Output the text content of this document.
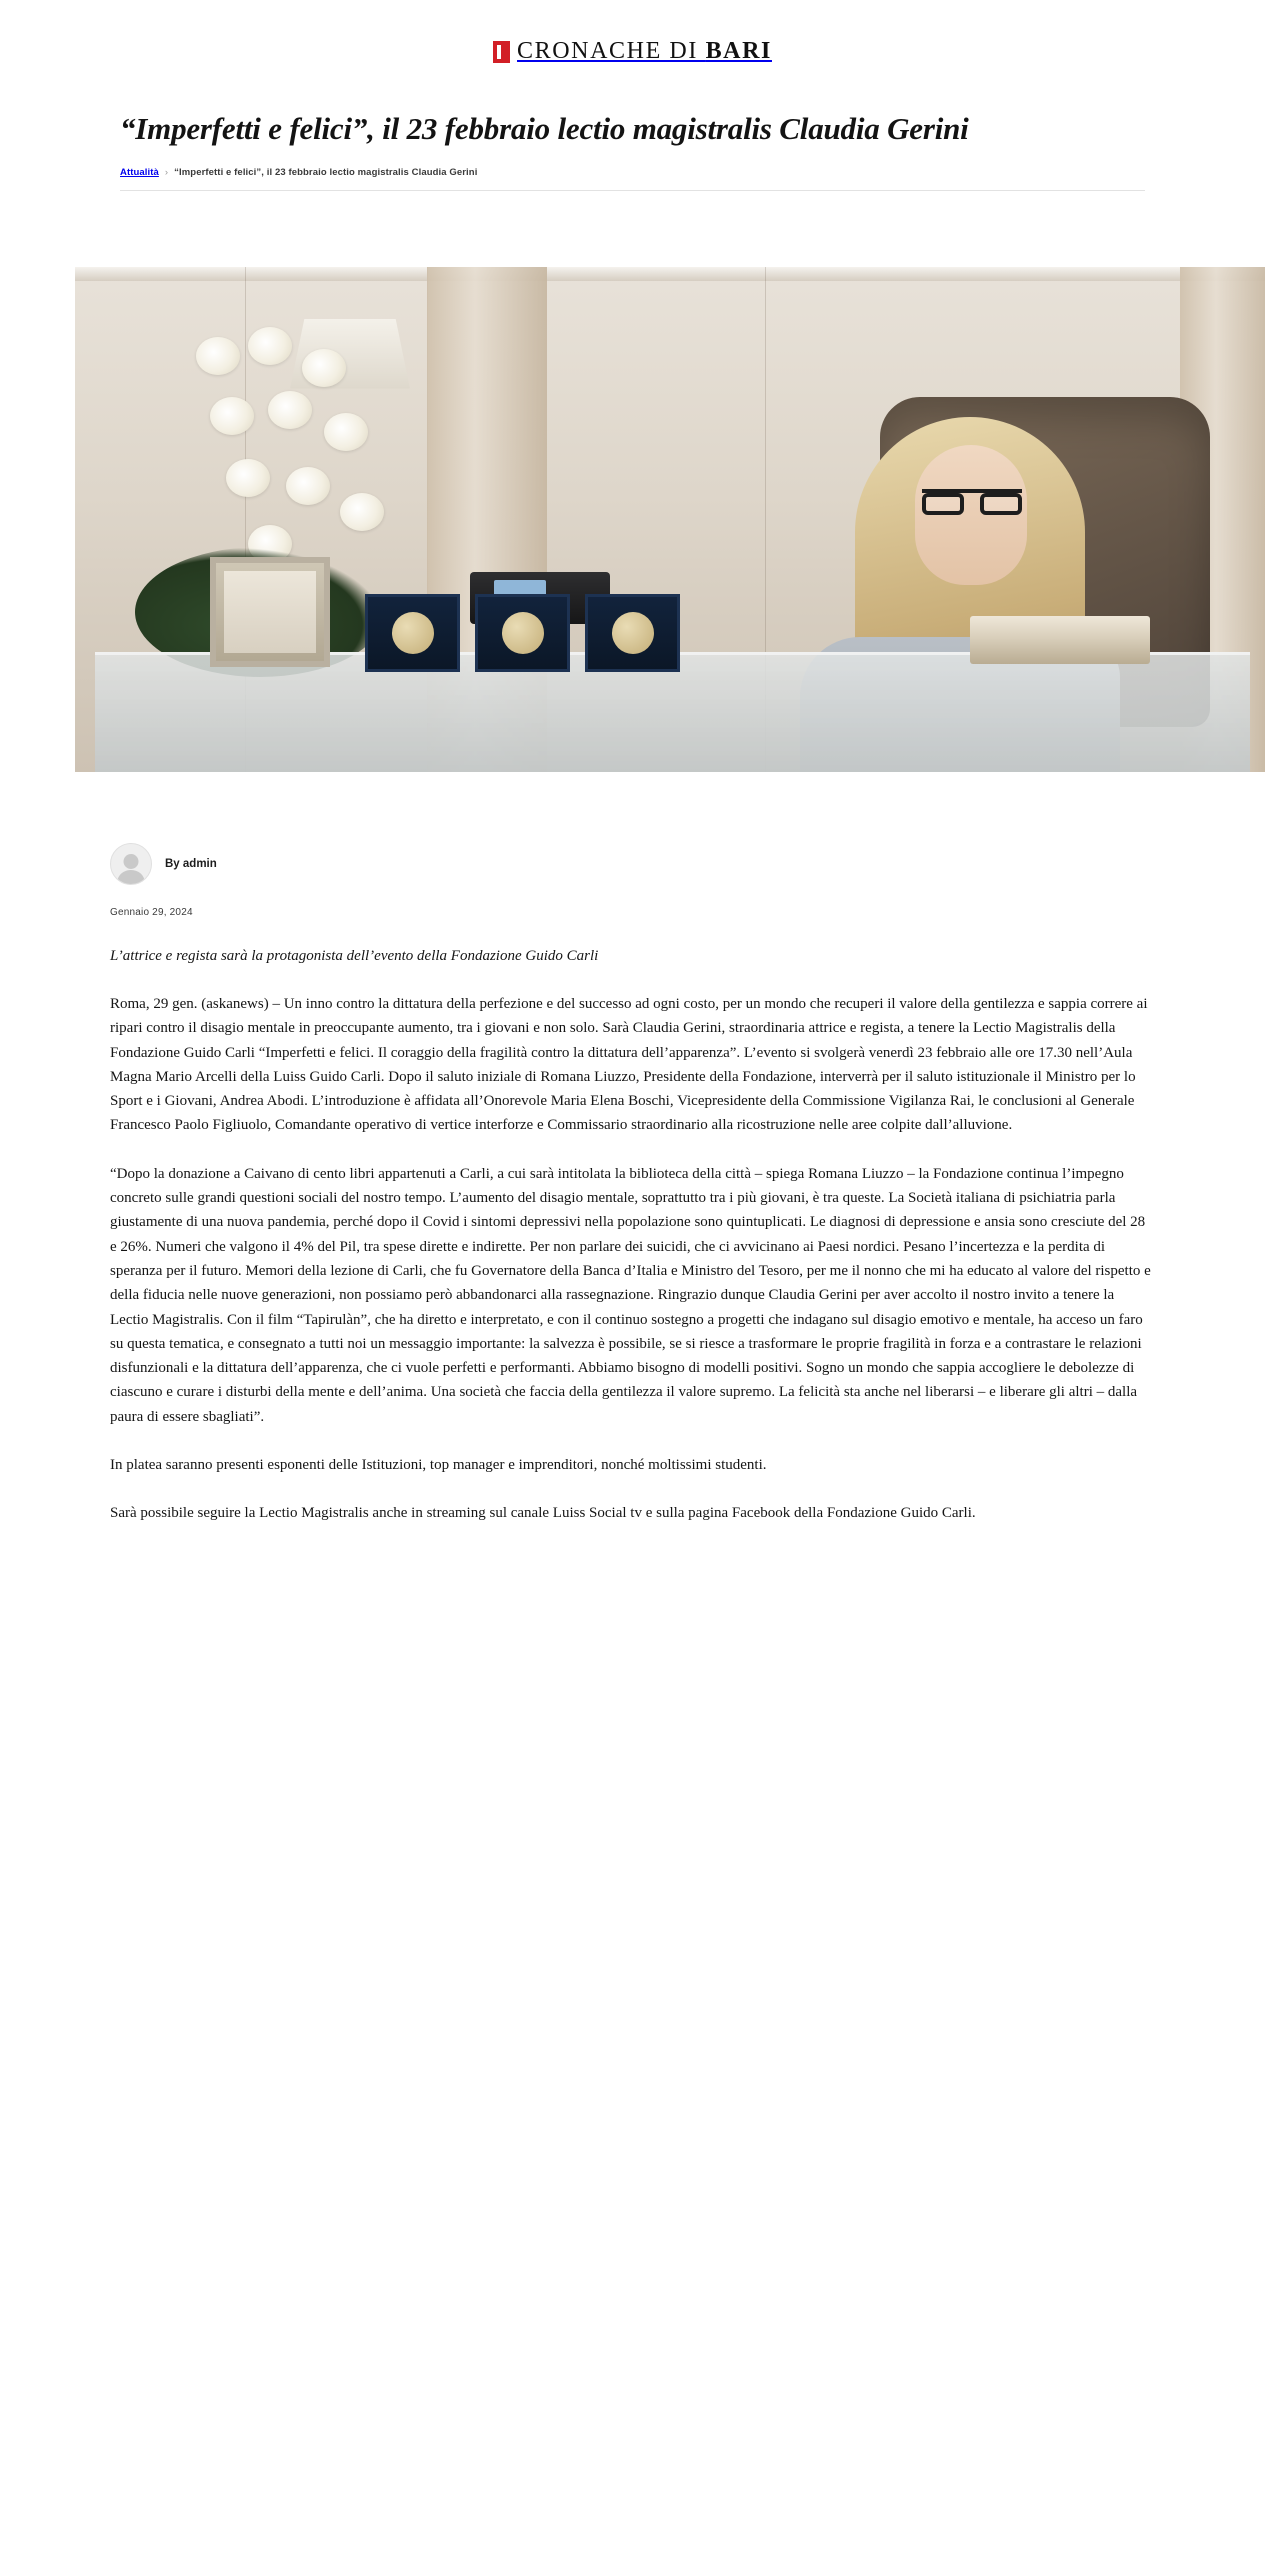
CRONACHE DI BARI
“Imperfetti e felici”, il 23 febbraio lectio magistralis Claudia Gerini
Attualità › “Imperfetti e felici”, il 23 febbraio lectio magistralis Claudia Gerini
By admin
Gennaio 29, 2024

L’attrice e regista sarà la protagonista dell’evento della Fondazione Guido Carli

Roma, 29 gen. (askanews) – Un inno contro la dittatura della perfezione e del successo ad ogni costo, per un mondo che recuperi il valore della gentilezza e sappia correre ai ripari contro il disagio mentale in preoccupante aumento, tra i giovani e non solo. Sarà Claudia Gerini, straordinaria attrice e regista, a tenere la Lectio Magistralis della Fondazione Guido Carli “Imperfetti e felici. Il coraggio della fragilità contro la dittatura dell’apparenza”. L’evento si svolgerà venerdì 23 febbraio alle ore 17.30 nell’Aula Magna Mario Arcelli della Luiss Guido Carli. Dopo il saluto iniziale di Romana Liuzzo, Presidente della Fondazione, interverrà per il saluto istituzionale il Ministro per lo Sport e i Giovani, Andrea Abodi. L’introduzione è affidata all’Onorevole Maria Elena Boschi, Vicepresidente della Commissione Vigilanza Rai, le conclusioni al Generale Francesco Paolo Figliuolo, Comandante operativo di vertice interforze e Commissario straordinario alla ricostruzione nelle aree colpite dall’alluvione.

“Dopo la donazione a Caivano di cento libri appartenuti a Carli, a cui sarà intitolata la biblioteca della città – spiega Romana Liuzzo – la Fondazione continua l’impegno concreto sulle grandi questioni sociali del nostro tempo. L’aumento del disagio mentale, soprattutto tra i più giovani, è tra queste. La Società italiana di psichiatria parla giustamente di una nuova pandemia, perché dopo il Covid i sintomi depressivi nella popolazione sono quintuplicati. Le diagnosi di depressione e ansia sono cresciute del 28 e 26%. Numeri che valgono il 4% del Pil, tra spese dirette e indirette. Per non parlare dei suicidi, che ci avvicinano ai Paesi nordici. Pesano l’incertezza e la perdita di speranza per il futuro. Memori della lezione di Carli, che fu Governatore della Banca d’Italia e Ministro del Tesoro, per me il nonno che mi ha educato al valore del rispetto e della fiducia nelle nuove generazioni, non possiamo però abbandonarci alla rassegnazione. Ringrazio dunque Claudia Gerini per aver accolto il nostro invito a tenere la Lectio Magistralis. Con il film “Tapirulàn”, che ha diretto e interpretato, e con il continuo sostegno a progetti che indagano sul disagio emotivo e mentale, ha acceso un faro su questa tematica, e consegnato a tutti noi un messaggio importante: la salvezza è possibile, se si riesce a trasformare le proprie fragilità in forza e a contrastare le relazioni disfunzionali e la dittatura dell’apparenza, che ci vuole perfetti e performanti. Abbiamo bisogno di modelli positivi. Sogno un mondo che sappia accogliere le debolezze di ciascuno e curare i disturbi della mente e dell’anima. Una società che faccia della gentilezza il valore supremo. La felicità sta anche nel liberarsi – e liberare gli altri – dalla paura di essere sbagliati”.

In platea saranno presenti esponenti delle Istituzioni, top manager e imprenditori, nonché moltissimi studenti.

Sarà possibile seguire la Lectio Magistralis anche in streaming sul canale Luiss Social tv e sulla pagina Facebook della Fondazione Guido Carli.
